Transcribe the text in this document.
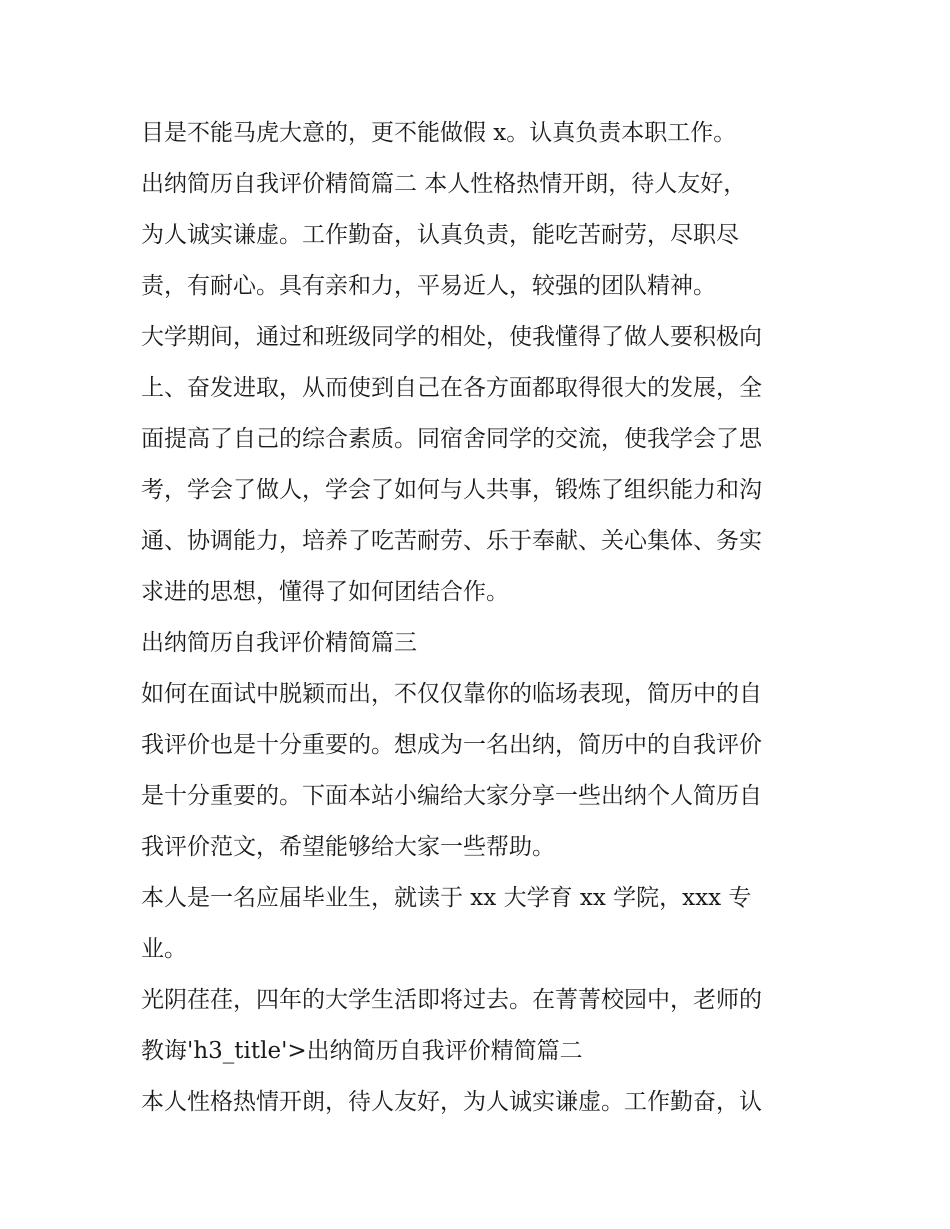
目是不能马虎大意的，更不能做假 x。认真负责本职工作。

出纳简历自我评价精简篇二 本人性格热情开朗，待人友好，
为人诚实谦虚。工作勤奋，认真负责，能吃苦耐劳，尽职尽
责，有耐心。具有亲和力，平易近人，较强的团队精神。

大学期间，通过和班级同学的相处，使我懂得了做人要积极向
上、奋发进取，从而使到自己在各方面都取得很大的发展，全
面提高了自己的综合素质。同宿舍同学的交流，使我学会了思
考，学会了做人，学会了如何与人共事，锻炼了组织能力和沟
通、协调能力，培养了吃苦耐劳、乐于奉献、关心集体、务实
求进的思想，懂得了如何团结合作。

出纳简历自我评价精简篇三

如何在面试中脱颖而出，不仅仅靠你的临场表现，简历中的自
我评价也是十分重要的。想成为一名出纳，简历中的自我评价
是十分重要的。下面本站小编给大家分享一些出纳个人简历自
我评价范文，希望能够给大家一些帮助。

本人是一名应届毕业生，就读于 xx 大学育 xx 学院，xxx 专
业。

光阴荏荏，四年的大学生活即将过去。在菁菁校园中，老师的
教诲'h3_title'>出纳简历自我评价精简篇二

本人性格热情开朗，待人友好，为人诚实谦虚。工作勤奋，认
